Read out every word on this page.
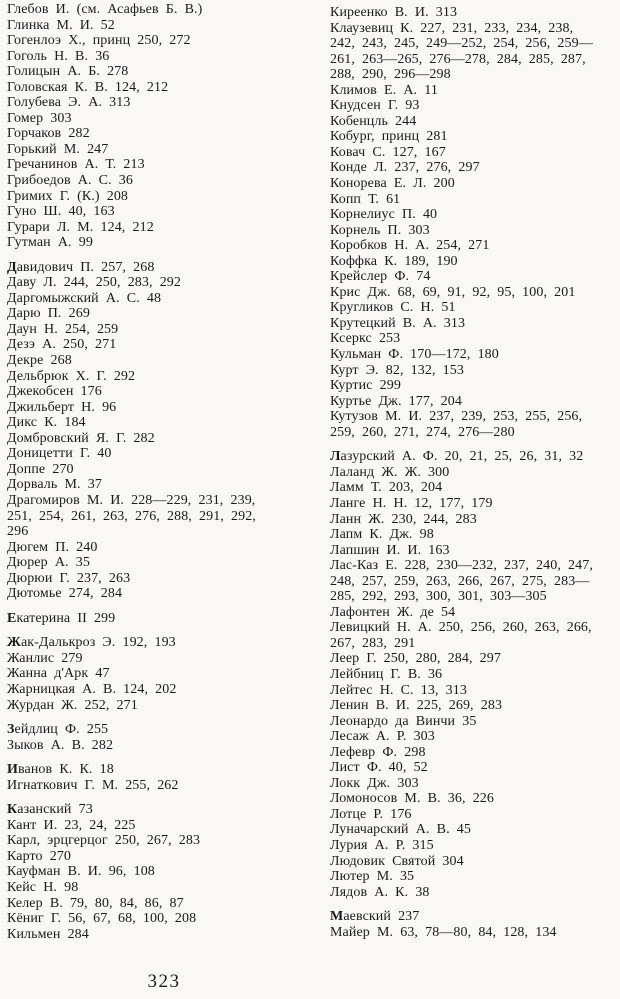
Глебов И. (см. Асафьев Б. В.)
Глинка М. И. 52
Гогенлоэ Х., принц 250, 272
Гоголь Н. В. 36
Голицын А. Б. 278
Головская К. В. 124, 212
Голубева Э. А. 313
Гомер 303
Горчаков 282
Горький М. 247
Гречанинов А. Т. 213
Грибоедов А. С. 36
Гримих Г. (К.) 208
Гуно Ш. 40, 163
Гурари Л. М. 124, 212
Гутман А. 99
Давидович П. 257, 268
Даву Л. 244, 250, 283, 292
Даргомыжский А. С. 48
Дарю П. 269
Даун Н. 254, 259
Дезэ А. 250, 271
Декре 268
Дельбрюк Х. Г. 292
Джекобсен 176
Джильберт Н. 96
Дикс К. 184
Домбровский Я. Г. 282
Доницетти Г. 40
Доппе 270
Дорваль М. 37
Драгомиров М. И. 228—229, 231, 239,
251, 254, 261, 263, 276, 288, 291, 292,
296
Дюгем П. 240
Дюрер А. 35
Дюрюи Г. 237, 263
Дютомье 274, 284
Екатерина II 299
Жак-Далькроз Э. 192, 193
Жанлис 279
Жанна д'Арк 47
Жарницкая А. В. 124, 202
Журдан Ж. 252, 271
Зейдлиц Ф. 255
Зыков А. В. 282
Иванов К. К. 18
Игнаткович Г. М. 255, 262
Казанский 73
Кант И. 23, 24, 225
Карл, эрцгерцог 250, 267, 283
Карто 270
Кауфман В. И. 96, 108
Кейс Н. 98
Келер В. 79, 80, 84, 86, 87
Кёниг Г. 56, 67, 68, 100, 208
Кильмен 284
Киреенко В. И. 313
Клаузевиц К. 227, 231, 233, 234, 238,
242, 243, 245, 249—252, 254, 256, 259—
261, 263—265, 276—278, 284, 285, 287,
288, 290, 296—298
Климов Е. А. 11
Кнудсен Г. 93
Кобенцль 244
Кобург, принц 281
Ковач С. 127, 167
Конде Л. 237, 276, 297
Конорева Е. Л. 200
Копп Т. 61
Корнелиус П. 40
Корнель П. 303
Коробков Н. А. 254, 271
Коффка К. 189, 190
Крейслер Ф. 74
Крис Дж. 68, 69, 91, 92, 95, 100, 201
Кругликов С. Н. 51
Крутецкий В. А. 313
Ксеркс 253
Кульман Ф. 170—172, 180
Курт Э. 82, 132, 153
Куртис 299
Куртье Дж. 177, 204
Кутузов М. И. 237, 239, 253, 255, 256,
259, 260, 271, 274, 276—280
Лазурский А. Ф. 20, 21, 25, 26, 31, 32
Лаланд Ж. Ж. 300
Ламм Т. 203, 204
Ланге Н. Н. 12, 177, 179
Ланн Ж. 230, 244, 283
Лапм К. Дж. 98
Лапшин И. И. 163
Лас-Каз Е. 228, 230—232, 237, 240, 247,
248, 257, 259, 263, 266, 267, 275, 283—
285, 292, 293, 300, 301, 303—305
Лафонтен Ж. де 54
Левицкий Н. А. 250, 256, 260, 263, 266,
267, 283, 291
Леер Г. 250, 280, 284, 297
Лейбниц Г. В. 36
Лейтес Н. С. 13, 313
Ленин В. И. 225, 269, 283
Леонардо да Винчи 35
Лесаж А. Р. 303
Лефевр Ф. 298
Лист Ф. 40, 52
Локк Дж. 303
Ломоносов М. В. 36, 226
Лотце Р. 176
Луначарский А. В. 45
Лурия А. Р. 315
Людовик Святой 304
Лютер М. 35
Лядов А. К. 38
Маевский 237
Майер М. 63, 78—80, 84, 128, 134
323
